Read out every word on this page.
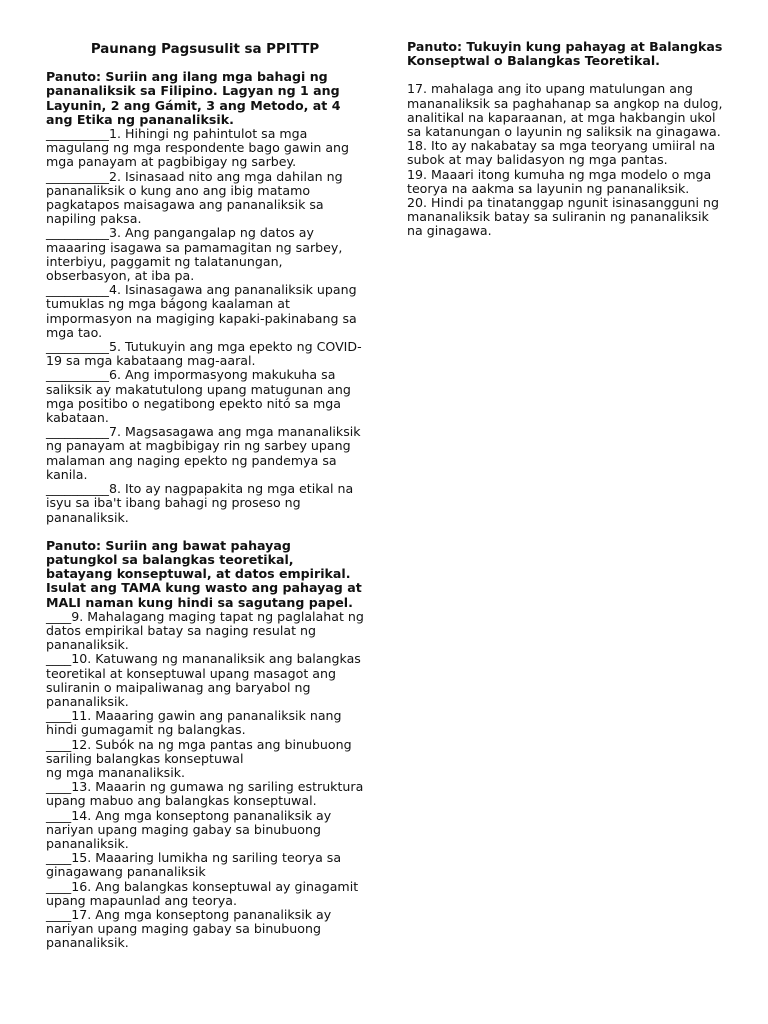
Paunang Pagsusulit sa PPITTP
Panuto: Suriin ang ilang mga bahagi ng pananaliksik sa Filipino. Lagyan ng 1 ang Layunin, 2 ang Gámit, 3 ang Metodo, at 4 ang Etika ng pananaliksik.
__________1. Hihingi ng pahintulot sa mga magulang ng mga respondente bago gawin ang mga panayam at pagbibigay ng sarbey.
__________2. Isinasaad nito ang mga dahilan ng pananaliksik o kung ano ang ibig matamo pagkatapos maisagawa ang pananaliksik sa napiling paksa.
__________3. Ang pangangalap ng datos ay maaaring isagawa sa pamamagitan ng sarbey, interbiyu, paggamit ng talatanungan, obserbasyon, at iba pa.
__________4. Isinasagawa ang pananaliksik upang tumuklas ng mga bágong kaalaman at impormasyon na magiging kapaki-pakinabang sa mga tao.
__________5. Tutukuyin ang mga epekto ng COVID-19 sa mga kabataang mag-aaral.
__________6. Ang impormasyong makukuha sa saliksik ay makatutulong upang matugunan ang mga positibo o negatibong epekto nitó sa mga kabataan.
__________7. Magsasagawa ang mga mananaliksik ng panayam at magbibigay rin ng sarbey upang malaman ang naging epekto ng pandemya sa kanila.
__________8. Ito ay nagpapakita ng mga etikal na isyu sa iba't ibang bahagi ng proseso ng pananaliksik.
Panuto: Suriin ang bawat pahayag patungkol sa balangkas teoretikal, batayang konseptuwal, at datos empirikal. Isulat ang TAMA kung wasto ang pahayag at MALI naman kung hindi sa sagutang papel.
____9. Mahalagang maging tapat ng paglalahat ng datos empirikal batay sa naging resulat ng pananaliksik.
____10. Katuwang ng mananaliksik ang balangkas teoretikal at konseptuwal upang masagot ang suliranin o maipaliwanag ang baryabol ng pananaliksik.
____11. Maaaring gawin ang pananaliksik nang hindi gumagamit ng balangkas.
____12. Subók na ng mga pantas ang binubuong sariling balangkas konseptuwal
ng mga mananaliksik.
____13. Maaarin ng gumawa ng sariling estruktura upang mabuo ang balangkas konseptuwal.
____14. Ang mga konseptong pananaliksik ay nariyan upang maging gabay sa binubuong pananaliksik.
____15. Maaaring lumikha ng sariling teorya sa ginagawang pananaliksik
____16. Ang balangkas konseptuwal ay ginagamit upang mapaunlad ang teorya.
____17. Ang mga konseptong pananaliksik ay nariyan upang maging gabay sa binubuong pananaliksik.
Panuto: Tukuyin kung pahayag at Balangkas Konseptwal o Balangkas Teoretikal.
17. mahalaga ang ito upang matulungan ang mananaliksik sa paghahanap sa angkop na dulog, analitikal na kaparaanan, at mga hakbangin ukol sa katanungan o layunin ng saliksik na ginagawa.
18. Ito ay nakabatay sa mga teoryang umiiral na subok at may balidasyon ng mga pantas.
19. Maaari itong kumuha ng mga modelo o mga teorya na aakma sa layunin ng pananaliksik.
20. Hindi pa tinatanggap ngunit isinasangguni ng mananaliksik batay sa suliranin ng pananaliksik na ginagawa.
